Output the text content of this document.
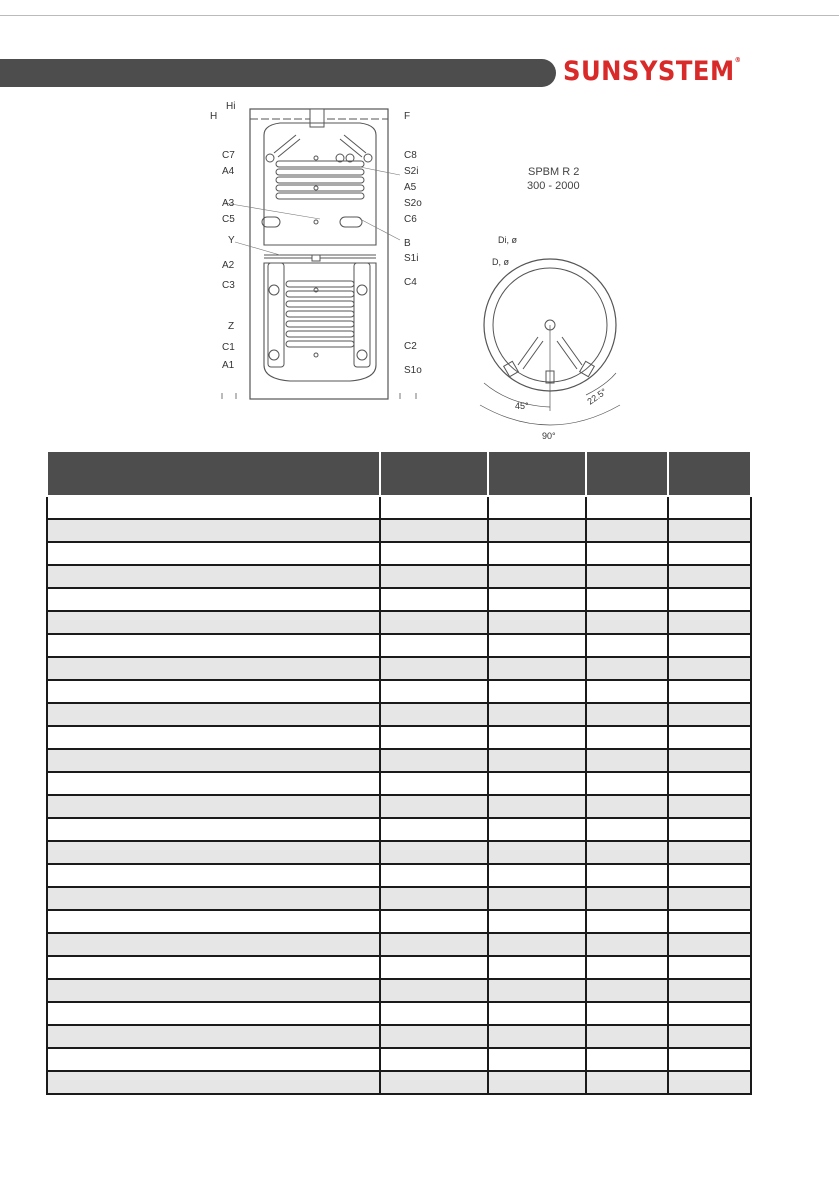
SUNSYSTEM®
Hi
H	F
C7	C8
A4	S2i
A5
A3	S2o
C5	C6
Y	B
A2
S1i
C3	C4
Z
C1	C2
A1	S1o
SPBM R 2
300 - 2000
Di, ø
D, ø
45°	22.5°
90°
